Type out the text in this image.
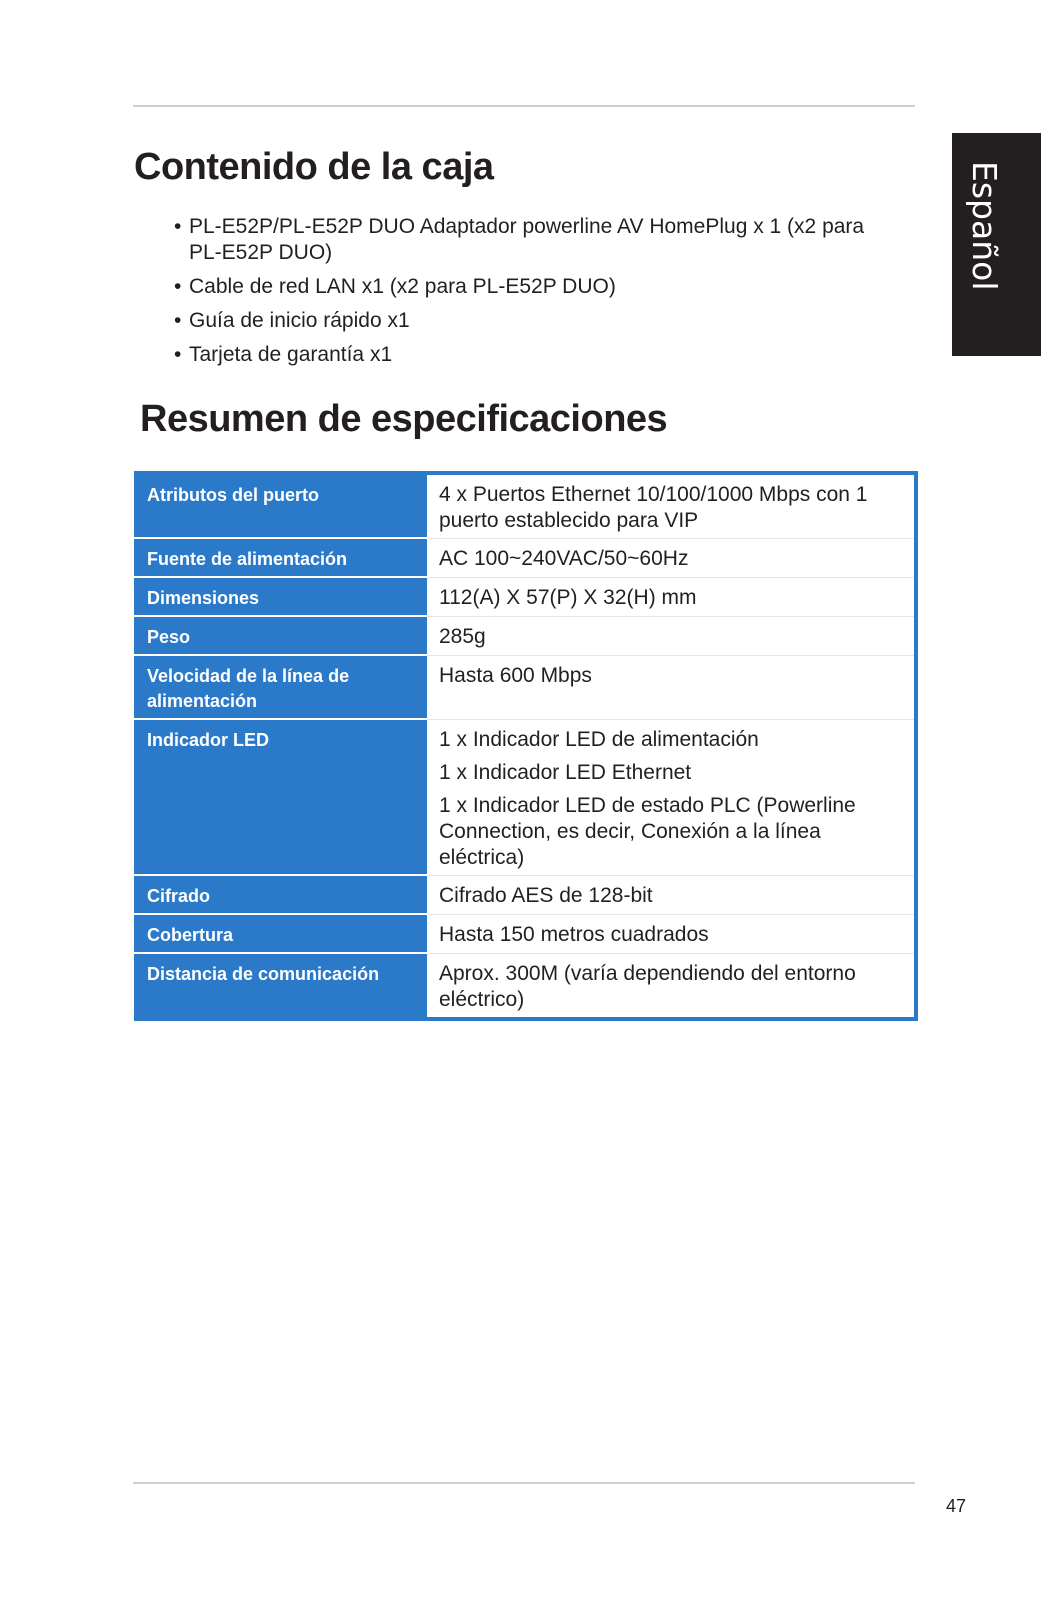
Español
Contenido de la caja
• PL-E52P/PL-E52P DUO Adaptador powerline AV HomePlug x 1 (x2 para
PL-E52P DUO)
• Cable de red LAN x1 (x2 para PL-E52P DUO)
• Guía de inicio rápido x1
• Tarjeta de garantía x1
Resumen de especificaciones
Atributos del puerto	4 x Puertos Ethernet 10/100/1000 Mbps con 1
puerto establecido para VIP

Fuente de alimentación	AC 100~240VAC/50~60Hz

Dimensiones	112(A) X 57(P) X 32(H) mm

Peso	285g

Velocidad de la línea de
alimentación	Hasta 600 Mbps

Indicador LED	1 x Indicador LED de alimentación
1 x Indicador LED Ethernet
1 x Indicador LED de estado PLC (Powerline
Connection, es decir, Conexión a la línea
eléctrica)

Cifrado	Cifrado AES de 128-bit

Cobertura	Hasta 150 metros cuadrados

Distancia de comunicación	Aprox. 300M (varía dependiendo del entorno
eléctrico)
47
